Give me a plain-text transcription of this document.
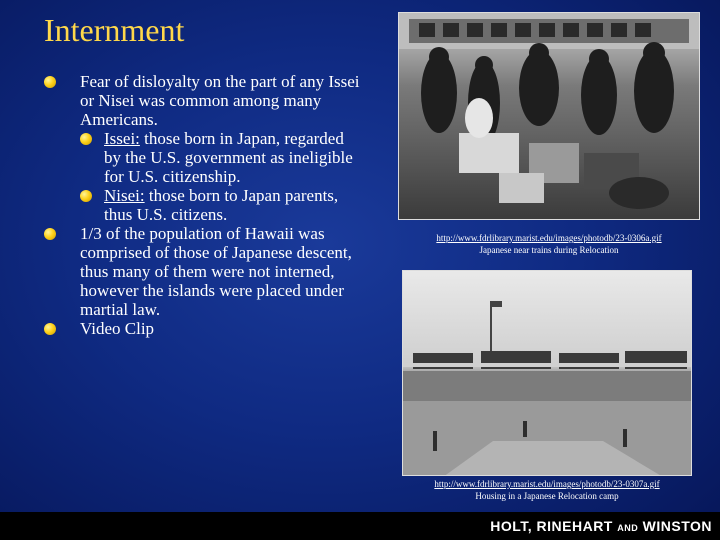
Internment
Fear of disloyalty on the part of any Issei or Nisei was common among many Americans.
Issei: those born in Japan, regarded by the U.S. government as ineligible for U.S. citizenship.
Nisei: those born to Japan parents, thus U.S. citizens.
1/3 of the population of Hawaii was comprised of those of Japanese descent, thus many of them were not interned, however the islands were placed under martial law.
Video Clip
http://www.fdrlibrary.marist.edu/images/photodb/23-0306a.gif
Japanese near trains during Relocation
http://www.fdrlibrary.marist.edu/images/photodb/23-0307a.gif
Housing in a Japanese Relocation camp
HOLT, RINEHART AND WINSTON
